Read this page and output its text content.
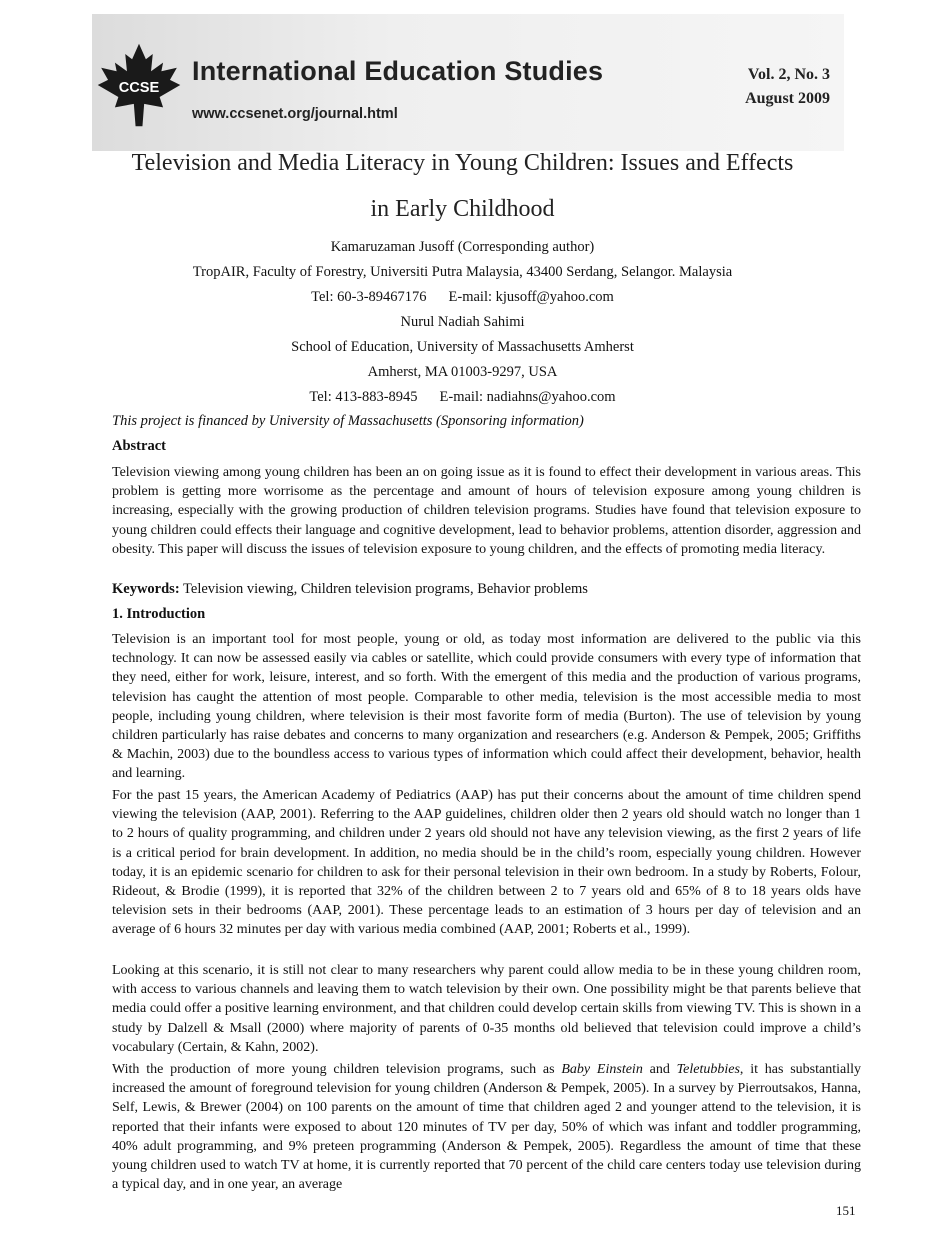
CCSE
International Education Studies
www.ccsenet.org/journal.html
Vol. 2, No. 3
August 2009
Television and Media Literacy in Young Children: Issues and Effects
in Early Childhood
Kamaruzaman Jusoff (Corresponding author)
TropAIR, Faculty of Forestry, Universiti Putra Malaysia, 43400 Serdang, Selangor. Malaysia
Tel: 60-3-89467176 E-mail: kjusoff@yahoo.com
Nurul Nadiah Sahimi
School of Education, University of Massachusetts Amherst
Amherst, MA 01003-9297, USA
Tel: 413-883-8945 E-mail: nadiahns@yahoo.com
This project is financed by University of Massachusetts (Sponsoring information)
Abstract

Television viewing among young children has been an on going issue as it is found to effect their development in various areas. This problem is getting more worrisome as the percentage and amount of hours of television exposure among young children is increasing, especially with the growing production of children television programs. Studies have found that television exposure to young children could effects their language and cognitive development, lead to behavior problems, attention disorder, aggression and obesity. This paper will discuss the issues of television exposure to young children, and the effects of promoting media literacy.

Keywords: Television viewing, Children television programs, Behavior problems
1. Introduction

Television is an important tool for most people, young or old, as today most information are delivered to the public via this technology. It can now be assessed easily via cables or satellite, which could provide consumers with every type of information that they need, either for work, leisure, interest, and so forth. With the emergent of this media and the production of various programs, television has caught the attention of most people. Comparable to other media, television is the most accessible media to most people, including young children, where television is their most favorite form of media (Burton). The use of television by young children particularly has raise debates and concerns to many organization and researchers (e.g. Anderson & Pempek, 2005; Griffiths & Machin, 2003) due to the boundless access to various types of information which could affect their development, behavior, health and learning.

For the past 15 years, the American Academy of Pediatrics (AAP) has put their concerns about the amount of time children spend viewing the television (AAP, 2001). Referring to the AAP guidelines, children older then 2 years old should watch no longer than 1 to 2 hours of quality programming, and children under 2 years old should not have any television viewing, as the first 2 years of life is a critical period for brain development. In addition, no media should be in the child’s room, especially young children. However today, it is an epidemic scenario for children to ask for their personal television in their own bedroom. In a study by Roberts, Folour, Rideout, & Brodie (1999), it is reported that 32% of the children between 2 to 7 years old and 65% of 8 to 18 years olds have television sets in their bedrooms (AAP, 2001). These percentage leads to an estimation of 3 hours per day of television and an average of 6 hours 32 minutes per day with various media combined (AAP, 2001; Roberts et al., 1999).

Looking at this scenario, it is still not clear to many researchers why parent could allow media to be in these young children room, with access to various channels and leaving them to watch television by their own. One possibility might be that parents believe that media could offer a positive learning environment, and that children could develop certain skills from viewing TV. This is shown in a study by Dalzell & Msall (2000) where majority of parents of 0-35 months old believed that television could improve a child’s vocabulary (Certain, & Kahn, 2002).

With the production of more young children television programs, such as Baby Einstein and Teletubbies, it has substantially increased the amount of foreground television for young children (Anderson & Pempek, 2005). In a survey by Pierroutsakos, Hanna, Self, Lewis, & Brewer (2004) on 100 parents on the amount of time that children aged 2 and younger attend to the television, it is reported that their infants were exposed to about 120 minutes of TV per day, 50% of which was infant and toddler programming, 40% adult programming, and 9% preteen programming (Anderson & Pempek, 2005). Regardless the amount of time that these young children used to watch TV at home, it is currently reported that 70 percent of the child care centers today use television during a typical day, and in one year, an average

151
